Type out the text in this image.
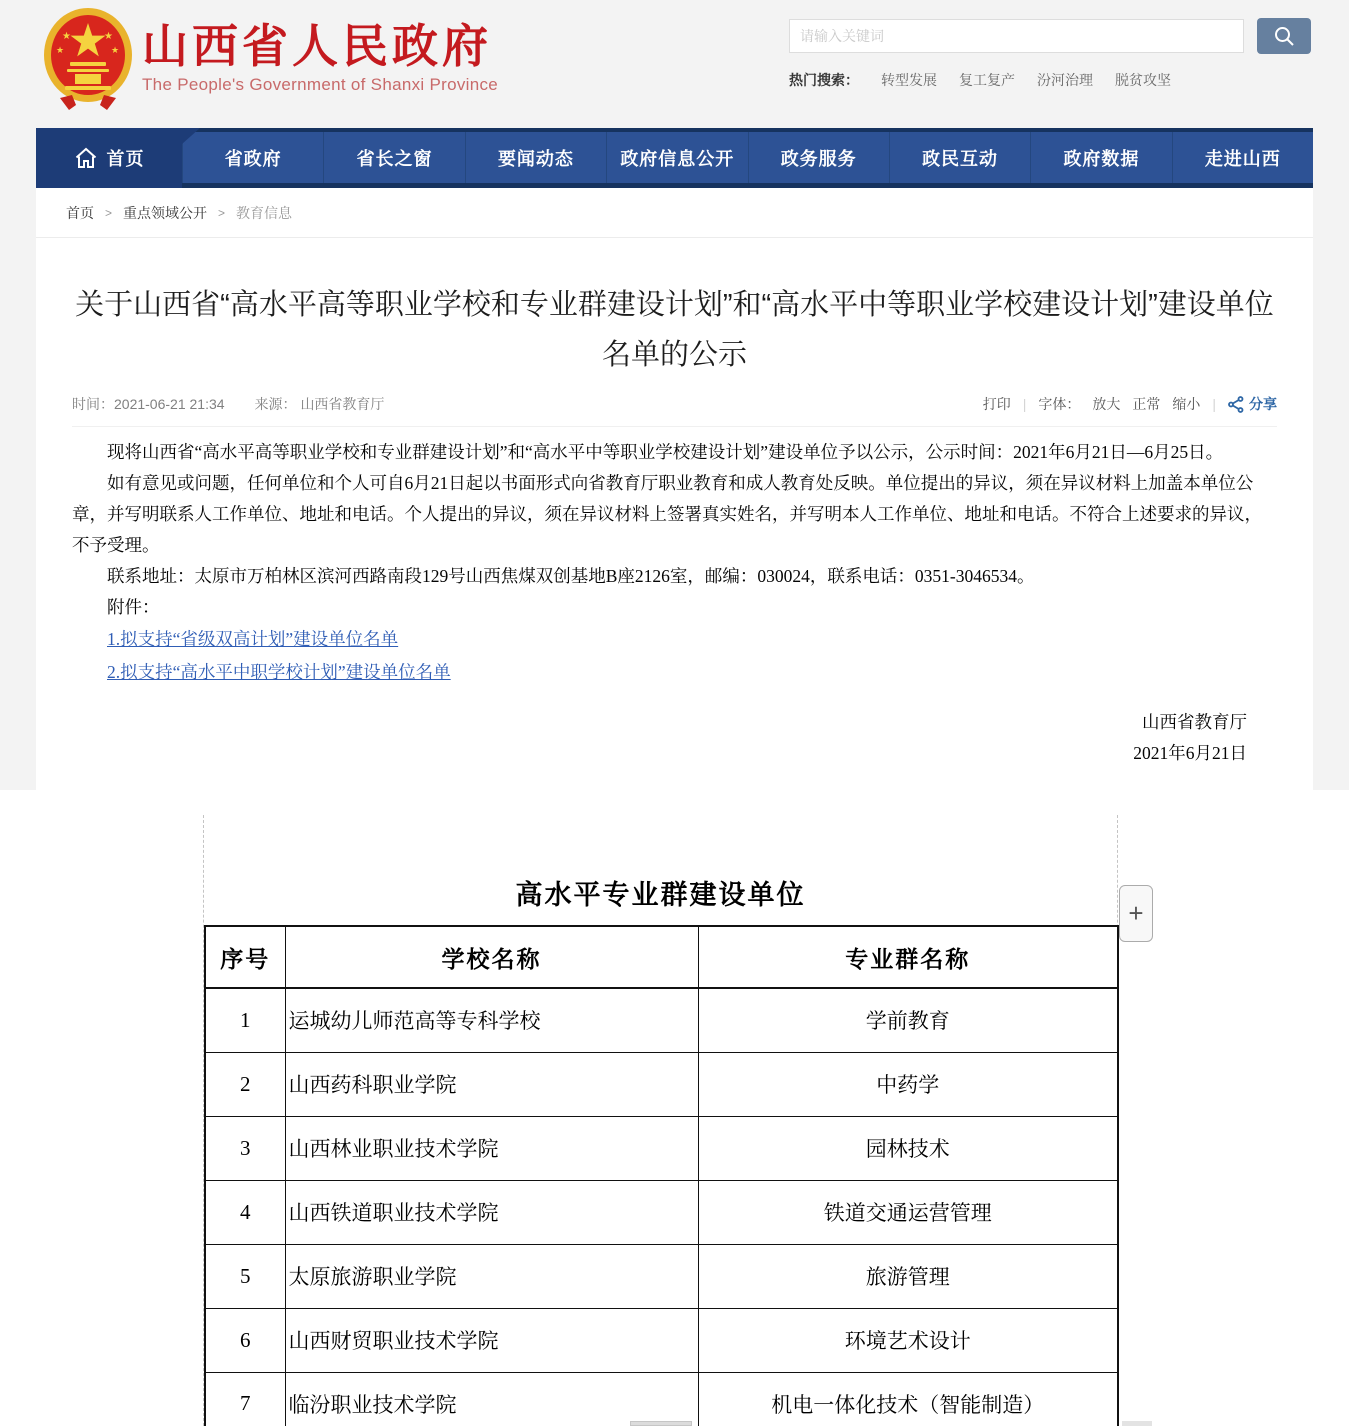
★	★
★	★ 山西省人民政府
The People's Government of Shanxi Province
请输入关键词	热门搜索： 转型发展 复工复产 汾河治理 脱贫攻坚
首页	省政府	省长之窗	要闻动态	政府信息公开	政务服务	政民互动	政府数据	走进山西
首页 > 重点领域公开 > 教育信息
关于山西省“高水平高等职业学校和专业群建设计划”和“高水平中等职业学校建设计划”建设单位名单的公示
时间： 2021-06-21 21:34 来源： 山西省教育厅	打印 | 字体： 放大 正常 缩小 | 分享

现将山西省“高水平高等职业学校和专业群建设计划”和“高水平中等职业学校建设计划”建设单位予以公示，公示时间：2021年6月21日—6月25日。

如有意见或问题，任何单位和个人可自6月21日起以书面形式向省教育厅职业教育和成人教育处反映。单位提出的异议，须在异议材料上加盖本单位公章，并写明联系人工作单位、地址和电话。个人提出的异议，须在异议材料上签署真实姓名，并写明本人工作单位、地址和电话。不符合上述要求的异议，不予受理。

联系地址：太原市万柏林区滨河西路南段129号山西焦煤双创基地B座2126室，邮编：030024，联系电话：0351-3046534。

附件：

1.拟支持“省级双高计划”建设单位名单
2.拟支持“高水平中职学校计划”建设单位名单
山西省教育厅
2021年6月21日
高水平专业群建设单位
序号	学校名称	专业群名称
1	运城幼儿师范高等专科学校	学前教育
2	山西药科职业学院	中药学
3	山西林业职业技术学院	园林技术
4	山西铁道职业技术学院	铁道交通运营管理
5	太原旅游职业学院	旅游管理
6	山西财贸职业技术学院	环境艺术设计
7	临汾职业技术学院	机电一体化技术（智能制造）
+
